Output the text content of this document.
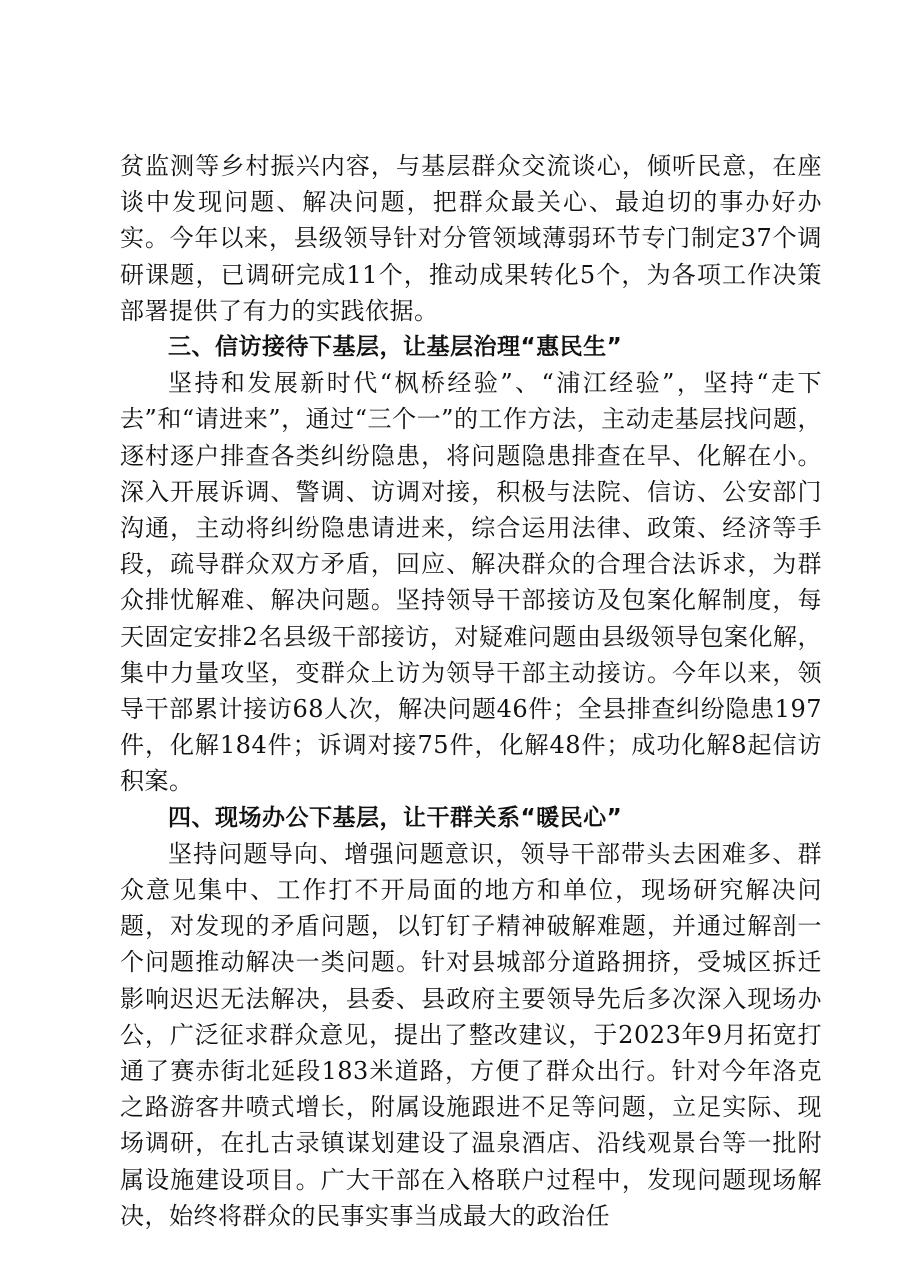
贫监测等乡村振兴内容，与基层群众交流谈心，倾听民意，在座谈中发现问题、解决问题，把群众最关心、最迫切的事办好办实。今年以来，县级领导针对分管领域薄弱环节专门制定37个调研课题，已调研完成11个，推动成果转化5个，为各项工作决策部署提供了有力的实践依据。

三、信访接待下基层，让基层治理“惠民生”

坚持和发展新时代“枫桥经验”、“浦江经验”，坚持“走下去”和“请进来”，通过“三个一”的工作方法，主动走基层找问题，逐村逐户排查各类纠纷隐患，将问题隐患排查在早、化解在小。深入开展诉调、警调、访调对接，积极与法院、信访、公安部门沟通，主动将纠纷隐患请进来，综合运用法律、政策、经济等手段，疏导群众双方矛盾，回应、解决群众的合理合法诉求，为群众排忧解难、解决问题。坚持领导干部接访及包案化解制度，每天固定安排2名县级干部接访，对疑难问题由县级领导包案化解，集中力量攻坚，变群众上访为领导干部主动接访。今年以来，领导干部累计接访68人次，解决问题46件；全县排查纠纷隐患197件，化解184件；诉调对接75件，化解48件；成功化解8起信访积案。

四、现场办公下基层，让干群关系“暖民心”

坚持问题导向、增强问题意识，领导干部带头去困难多、群众意见集中、工作打不开局面的地方和单位，现场研究解决问题，对发现的矛盾问题，以钉钉子精神破解难题，并通过解剖一个问题推动解决一类问题。针对县城部分道路拥挤，受城区拆迁影响迟迟无法解决，县委、县政府主要领导先后多次深入现场办公，广泛征求群众意见，提出了整改建议，于2023年9月拓宽打通了赛赤街北延段183米道路，方便了群众出行。针对今年洛克之路游客井喷式增长，附属设施跟进不足等问题，立足实际、现场调研，在扎古录镇谋划建设了温泉酒店、沿线观景台等一批附属设施建设项目。广大干部在入格联户过程中，发现问题现场解决，始终将群众的民事实事当成最大的政治任
